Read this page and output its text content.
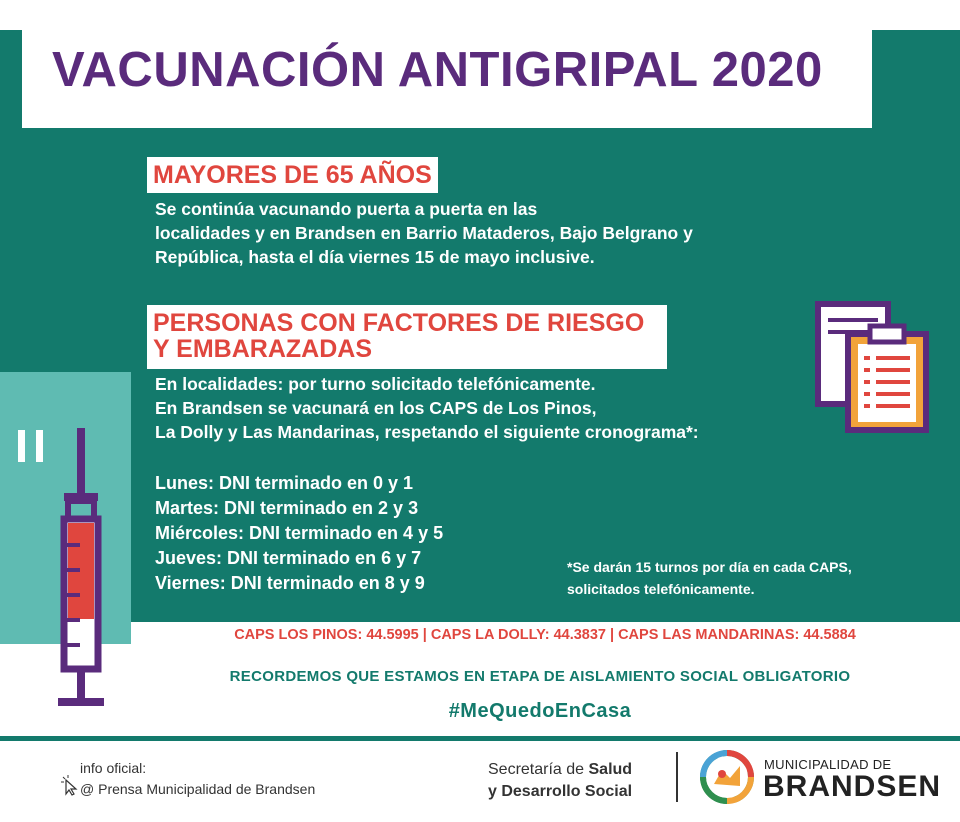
VACUNACIÓN ANTIGRIPAL 2020
MAYORES DE 65 AÑOS
Se continúa vacunando puerta a puerta en las
localidades y en Brandsen en Barrio Mataderos, Bajo Belgrano y
República, hasta el día viernes 15 de mayo inclusive.
PERSONAS CON FACTORES DE RIESGO
Y EMBARAZADAS
En localidades: por turno solicitado telefónicamente.
En Brandsen se vacunará en los CAPS de Los Pinos,
La Dolly y Las Mandarinas, respetando el siguiente cronograma*:
Lunes: DNI terminado en 0 y 1
Martes: DNI terminado en 2 y 3
Miércoles: DNI terminado en 4 y 5
Jueves: DNI terminado en 6 y 7
Viernes: DNI terminado en 8 y 9
*Se darán 15 turnos por día en cada CAPS,
solicitados telefónicamente.
CAPS LOS PINOS: 44.5995 | CAPS LA DOLLY: 44.3837 | CAPS LAS MANDARINAS: 44.5884
RECORDEMOS QUE ESTAMOS EN ETAPA DE AISLAMIENTO SOCIAL OBLIGATORIO
#MeQuedoEnCasa
info oficial:
@ Prensa Municipalidad de Brandsen
Secretaría de Salud
y Desarrollo Social
MUNICIPALIDAD DE
BRANDSEN
